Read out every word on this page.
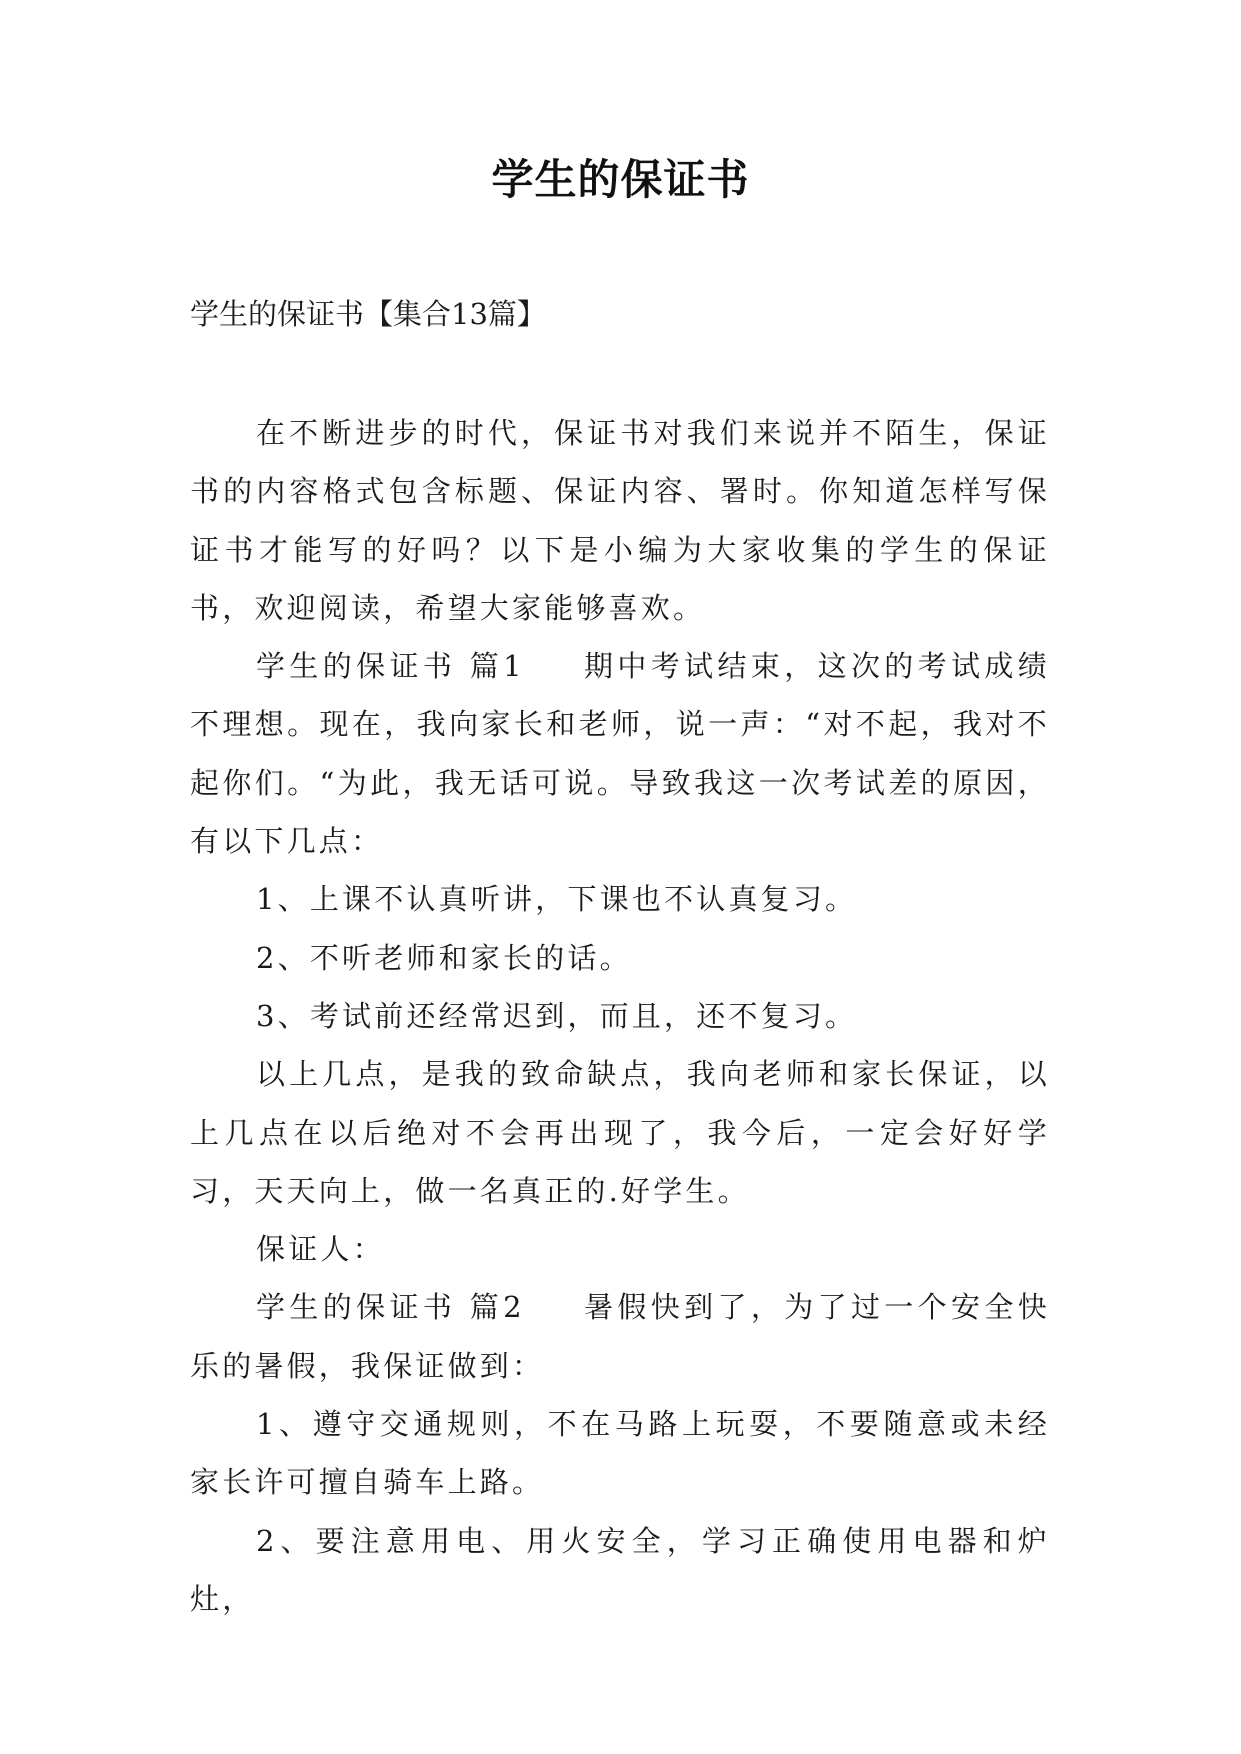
学生的保证书
学生的保证书【集合13篇】

在不断进步的时代，保证书对我们来说并不陌生，保证书的内容格式包含标题、保证内容、署时。你知道怎样写保证书才能写的好吗？以下是小编为大家收集的学生的保证书，欢迎阅读，希望大家能够喜欢。

学生的保证书 篇1 期中考试结束，这次的考试成绩不理想。现在，我向家长和老师，说一声：“对不起，我对不起你们。“为此，我无话可说。导致我这一次考试差的原因，有以下几点：

1、上课不认真听讲，下课也不认真复习。

2、不听老师和家长的话。

3、考试前还经常迟到，而且，还不复习。

以上几点，是我的致命缺点，我向老师和家长保证，以上几点在以后绝对不会再出现了，我今后，一定会好好学习，天天向上，做一名真正的.好学生。

保证人：

学生的保证书 篇2 暑假快到了，为了过一个安全快乐的暑假，我保证做到：

1、遵守交通规则，不在马路上玩耍，不要随意或未经家长许可擅自骑车上路。

2、要注意用电、用火安全，学习正确使用电器和炉灶，
